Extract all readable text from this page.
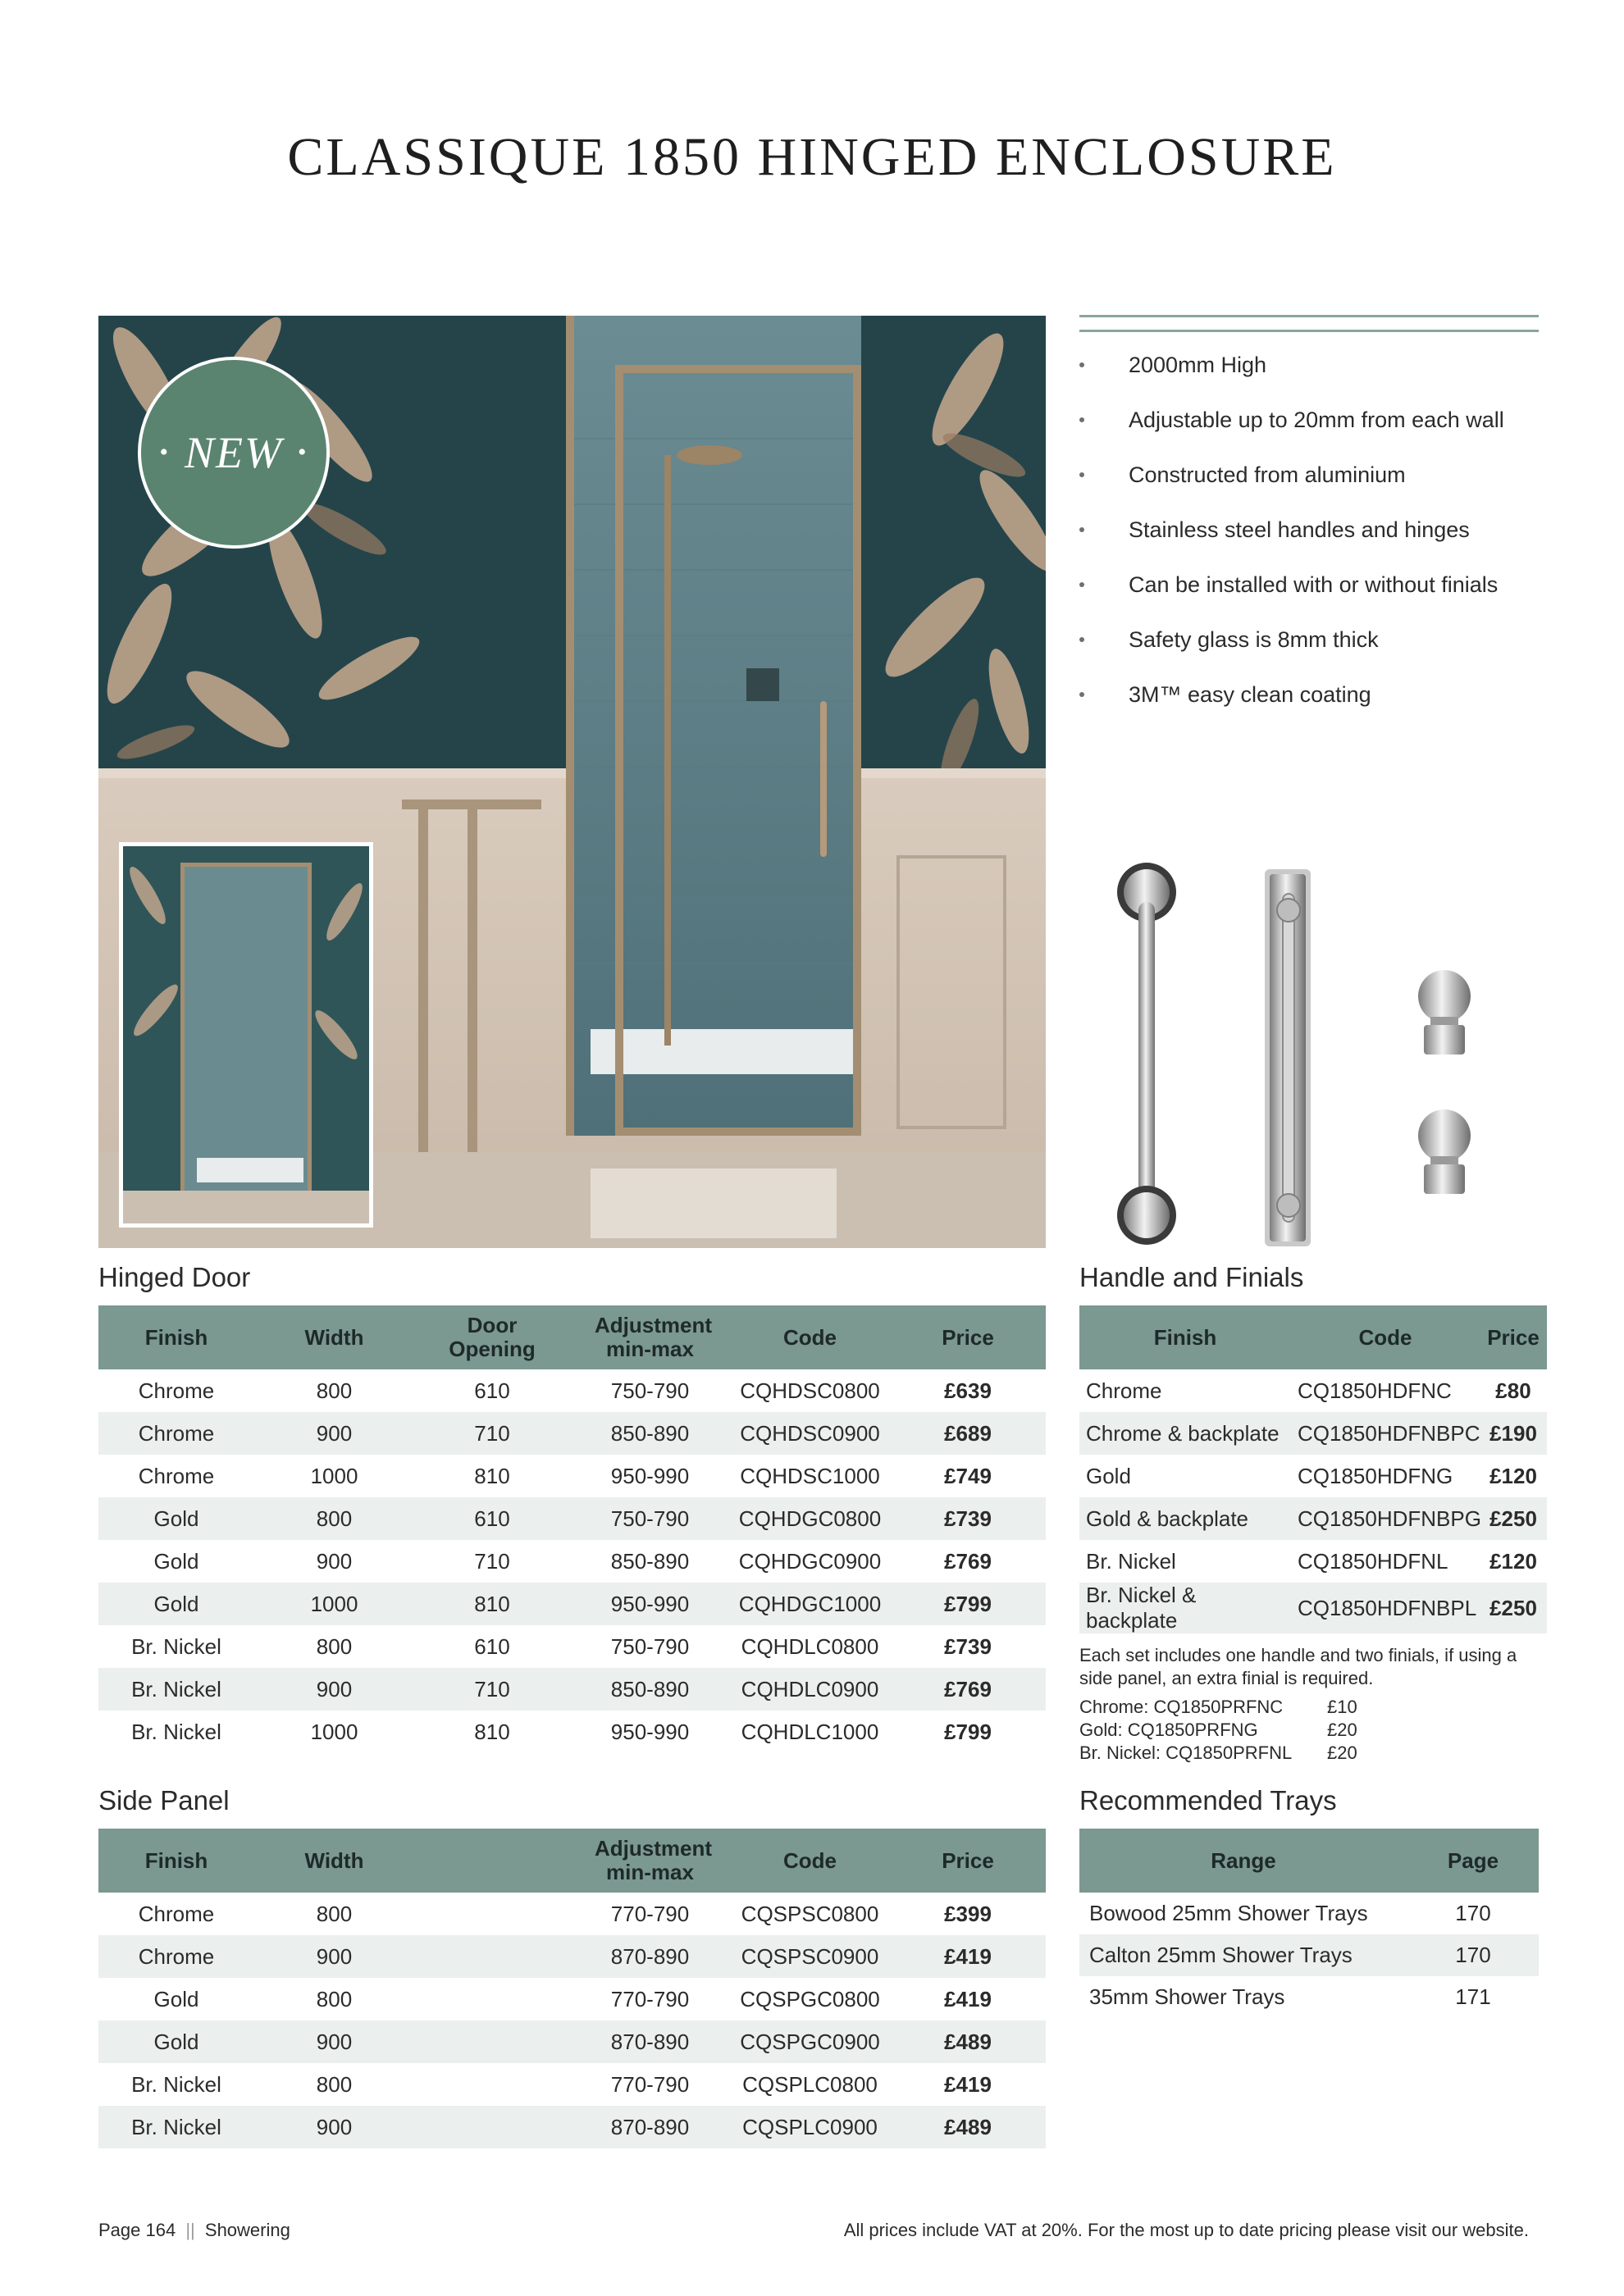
CLASSIQUE 1850 HINGED ENCLOSURE
• NEW •
2000mm High
Adjustable up to 20mm from each wall
Constructed from aluminium
Stainless steel handles and hinges
Can be installed with or without finials
Safety glass is 8mm thick
3M™ easy clean coating
Hinged Door
Finish	Width	Door Opening	Adjustment min-max	Code	Price
Chrome	800	610	750-790	CQHDSC0800	£639
Chrome	900	710	850-890	CQHDSC0900	£689
Chrome	1000	810	950-990	CQHDSC1000	£749
Gold	800	610	750-790	CQHDGC0800	£739
Gold	900	710	850-890	CQHDGC0900	£769
Gold	1000	810	950-990	CQHDGC1000	£799
Br. Nickel	800	610	750-790	CQHDLC0800	£739
Br. Nickel	900	710	850-890	CQHDLC0900	£769
Br. Nickel	1000	810	950-990	CQHDLC1000	£799
Side Panel
Finish	Width		Adjustment min-max	Code	Price
Chrome	800		770-790	CQSPSC0800	£399
Chrome	900		870-890	CQSPSC0900	£419
Gold	800		770-790	CQSPGC0800	£419
Gold	900		870-890	CQSPGC0900	£489
Br. Nickel	800		770-790	CQSPLC0800	£419
Br. Nickel	900		870-890	CQSPLC0900	£489
Handle and Finials
Finish	Code	Price
Chrome	CQ1850HDFNC	£80
Chrome & backplate	CQ1850HDFNBPC	£190
Gold	CQ1850HDFNG	£120
Gold & backplate	CQ1850HDFNBPG	£250
Br. Nickel	CQ1850HDFNL	£120
Br. Nickel & backplate	CQ1850HDFNBPL	£250
Each set includes one handle and two finials, if using a side panel, an extra finial is required.
Chrome: CQ1850PRFNC	£10
Gold: CQ1850PRFNG	£20
Br. Nickel: CQ1850PRFNL	£20
Recommended Trays
Range	Page
Bowood 25mm Shower Trays	170
Calton 25mm Shower Trays	170
35mm Shower Trays	171
Page 164 || Showering	All prices include VAT at 20%. For the most up to date pricing please visit our website.
